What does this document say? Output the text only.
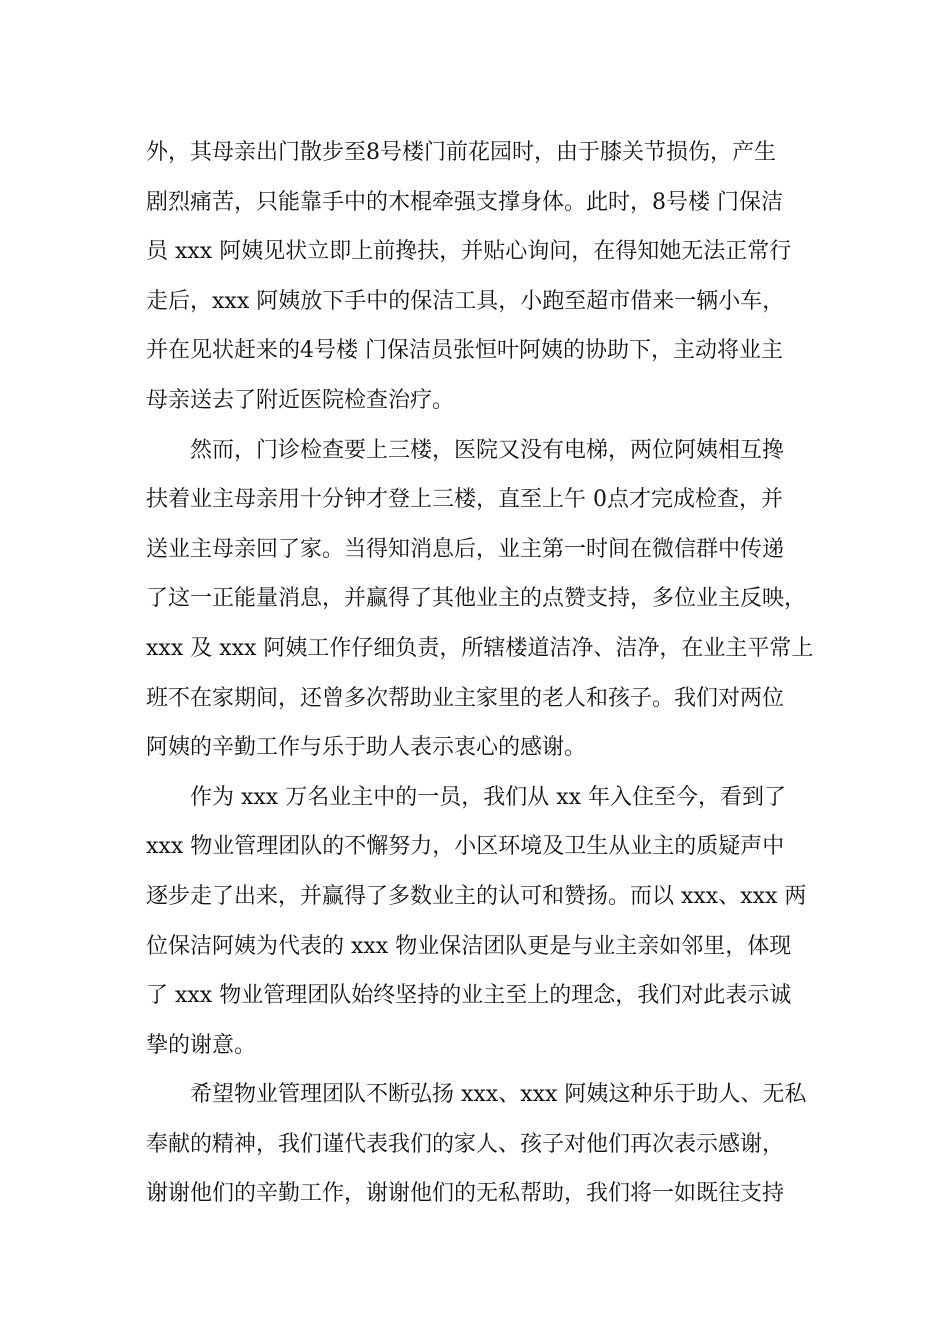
外，其母亲出门散步至8号楼门前花园时，由于膝关节损伤，产生
剧烈痛苦，只能靠手中的木棍牵强支撑身体。此时，8号楼 门保洁
员 xxx 阿姨见状立即上前搀扶，并贴心询问，在得知她无法正常行
走后，xxx 阿姨放下手中的保洁工具，小跑至超市借来一辆小车，
并在见状赶来的4号楼 门保洁员张恒叶阿姨的协助下，主动将业主
母亲送去了附近医院检查治疗。
然而，门诊检查要上三楼，医院又没有电梯，两位阿姨相互搀
扶着业主母亲用十分钟才登上三楼，直至上午 0点才完成检查，并
送业主母亲回了家。当得知消息后，业主第一时间在微信群中传递
了这一正能量消息，并赢得了其他业主的点赞支持，多位业主反映，
xxx 及 xxx 阿姨工作仔细负责，所辖楼道洁净、洁净，在业主平常上
班不在家期间，还曾多次帮助业主家里的老人和孩子。我们对两位
阿姨的辛勤工作与乐于助人表示衷心的感谢。
作为 xxx 万名业主中的一员，我们从 xx 年入住至今，看到了
xxx 物业管理团队的不懈努力，小区环境及卫生从业主的质疑声中
逐步走了出来，并赢得了多数业主的认可和赞扬。而以 xxx、xxx 两
位保洁阿姨为代表的 xxx 物业保洁团队更是与业主亲如邻里，体现
了 xxx 物业管理团队始终坚持的业主至上的理念，我们对此表示诚
挚的谢意。
希望物业管理团队不断弘扬 xxx、xxx 阿姨这种乐于助人、无私
奉献的精神，我们谨代表我们的家人、孩子对他们再次表示感谢，
谢谢他们的辛勤工作，谢谢他们的无私帮助，我们将一如既往支持
